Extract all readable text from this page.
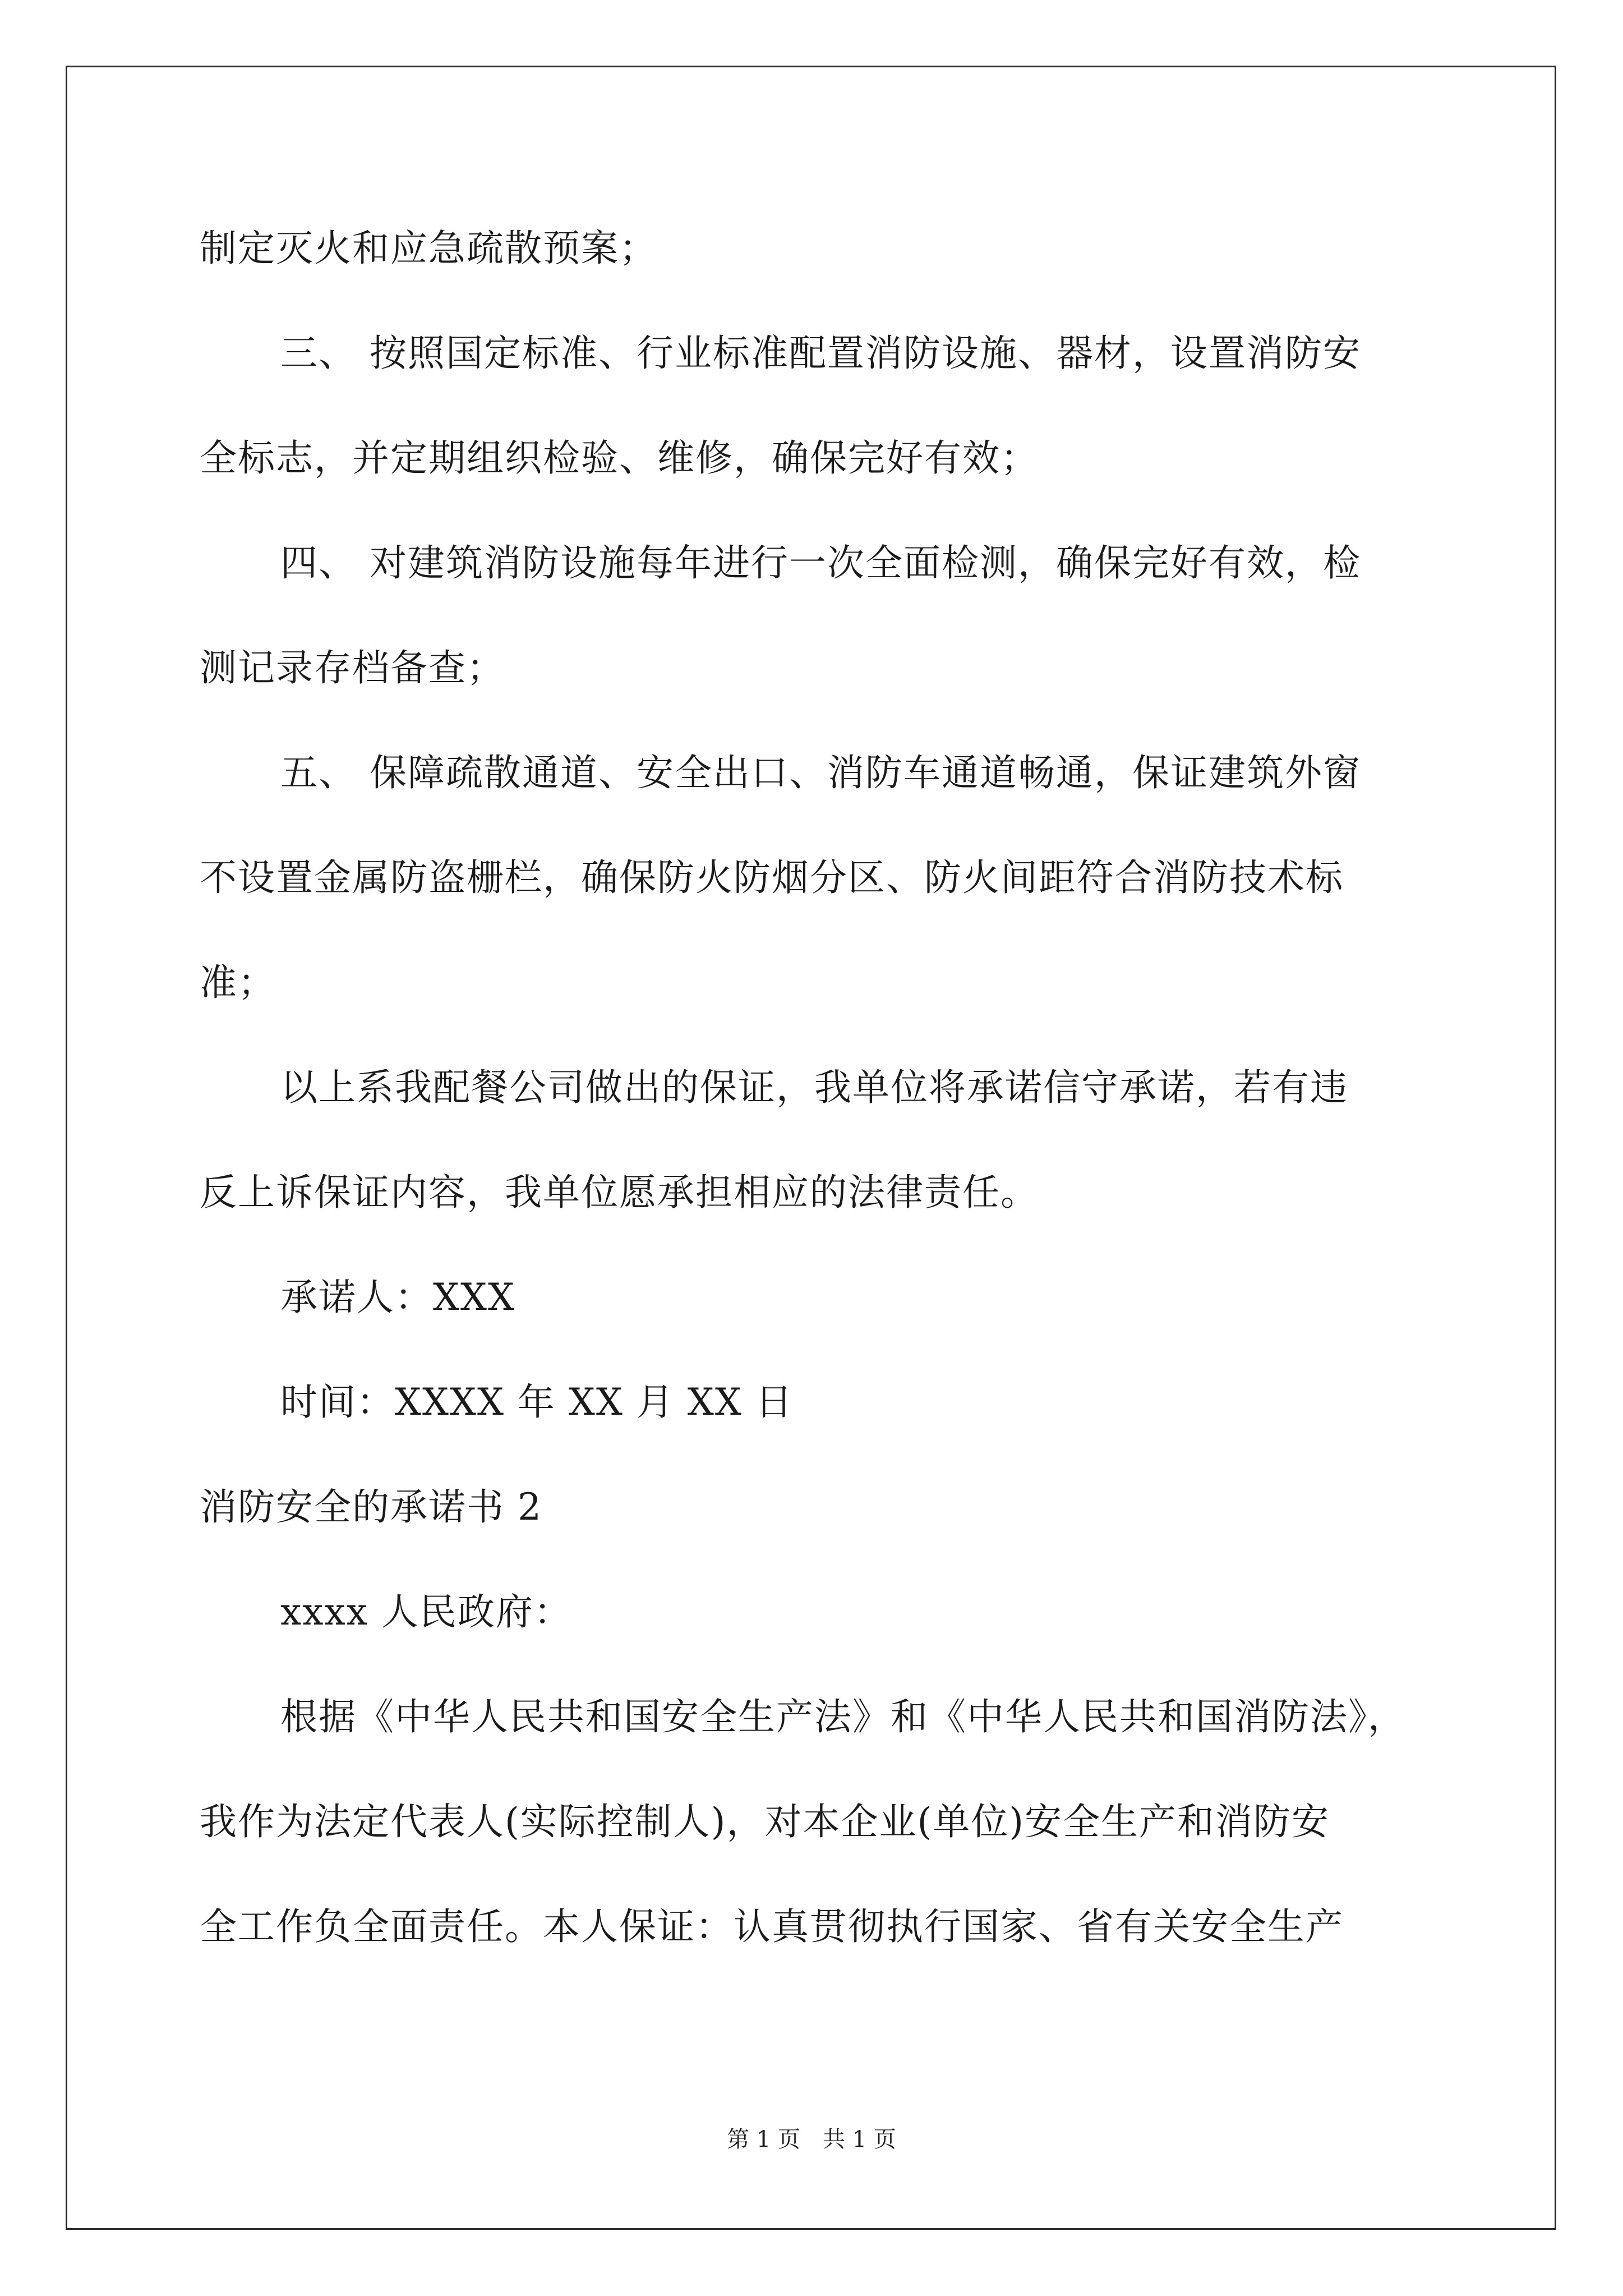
制定灭火和应急疏散预案；
三、 按照国定标准、行业标准配置消防设施、器材，设置消防安
全标志，并定期组织检验、维修，确保完好有效；
四、 对建筑消防设施每年进行一次全面检测，确保完好有效，检
测记录存档备查；
五、 保障疏散通道、安全出口、消防车通道畅通，保证建筑外窗
不设置金属防盗栅栏，确保防火防烟分区、防火间距符合消防技术标
准；
以上系我配餐公司做出的保证，我单位将承诺信守承诺，若有违
反上诉保证内容，我单位愿承担相应的法律责任。
承诺人：XXX
时间：XXXX 年 XX 月 XX 日
消防安全的承诺书 2
xxxx 人民政府：
根据《中华人民共和国安全生产法》和《中华人民共和国消防法》，
我作为法定代表人(实际控制人)，对本企业(单位)安全生产和消防安
全工作负全面责任。本人保证：认真贯彻执行国家、省有关安全生产
第 1 页　共 1 页
